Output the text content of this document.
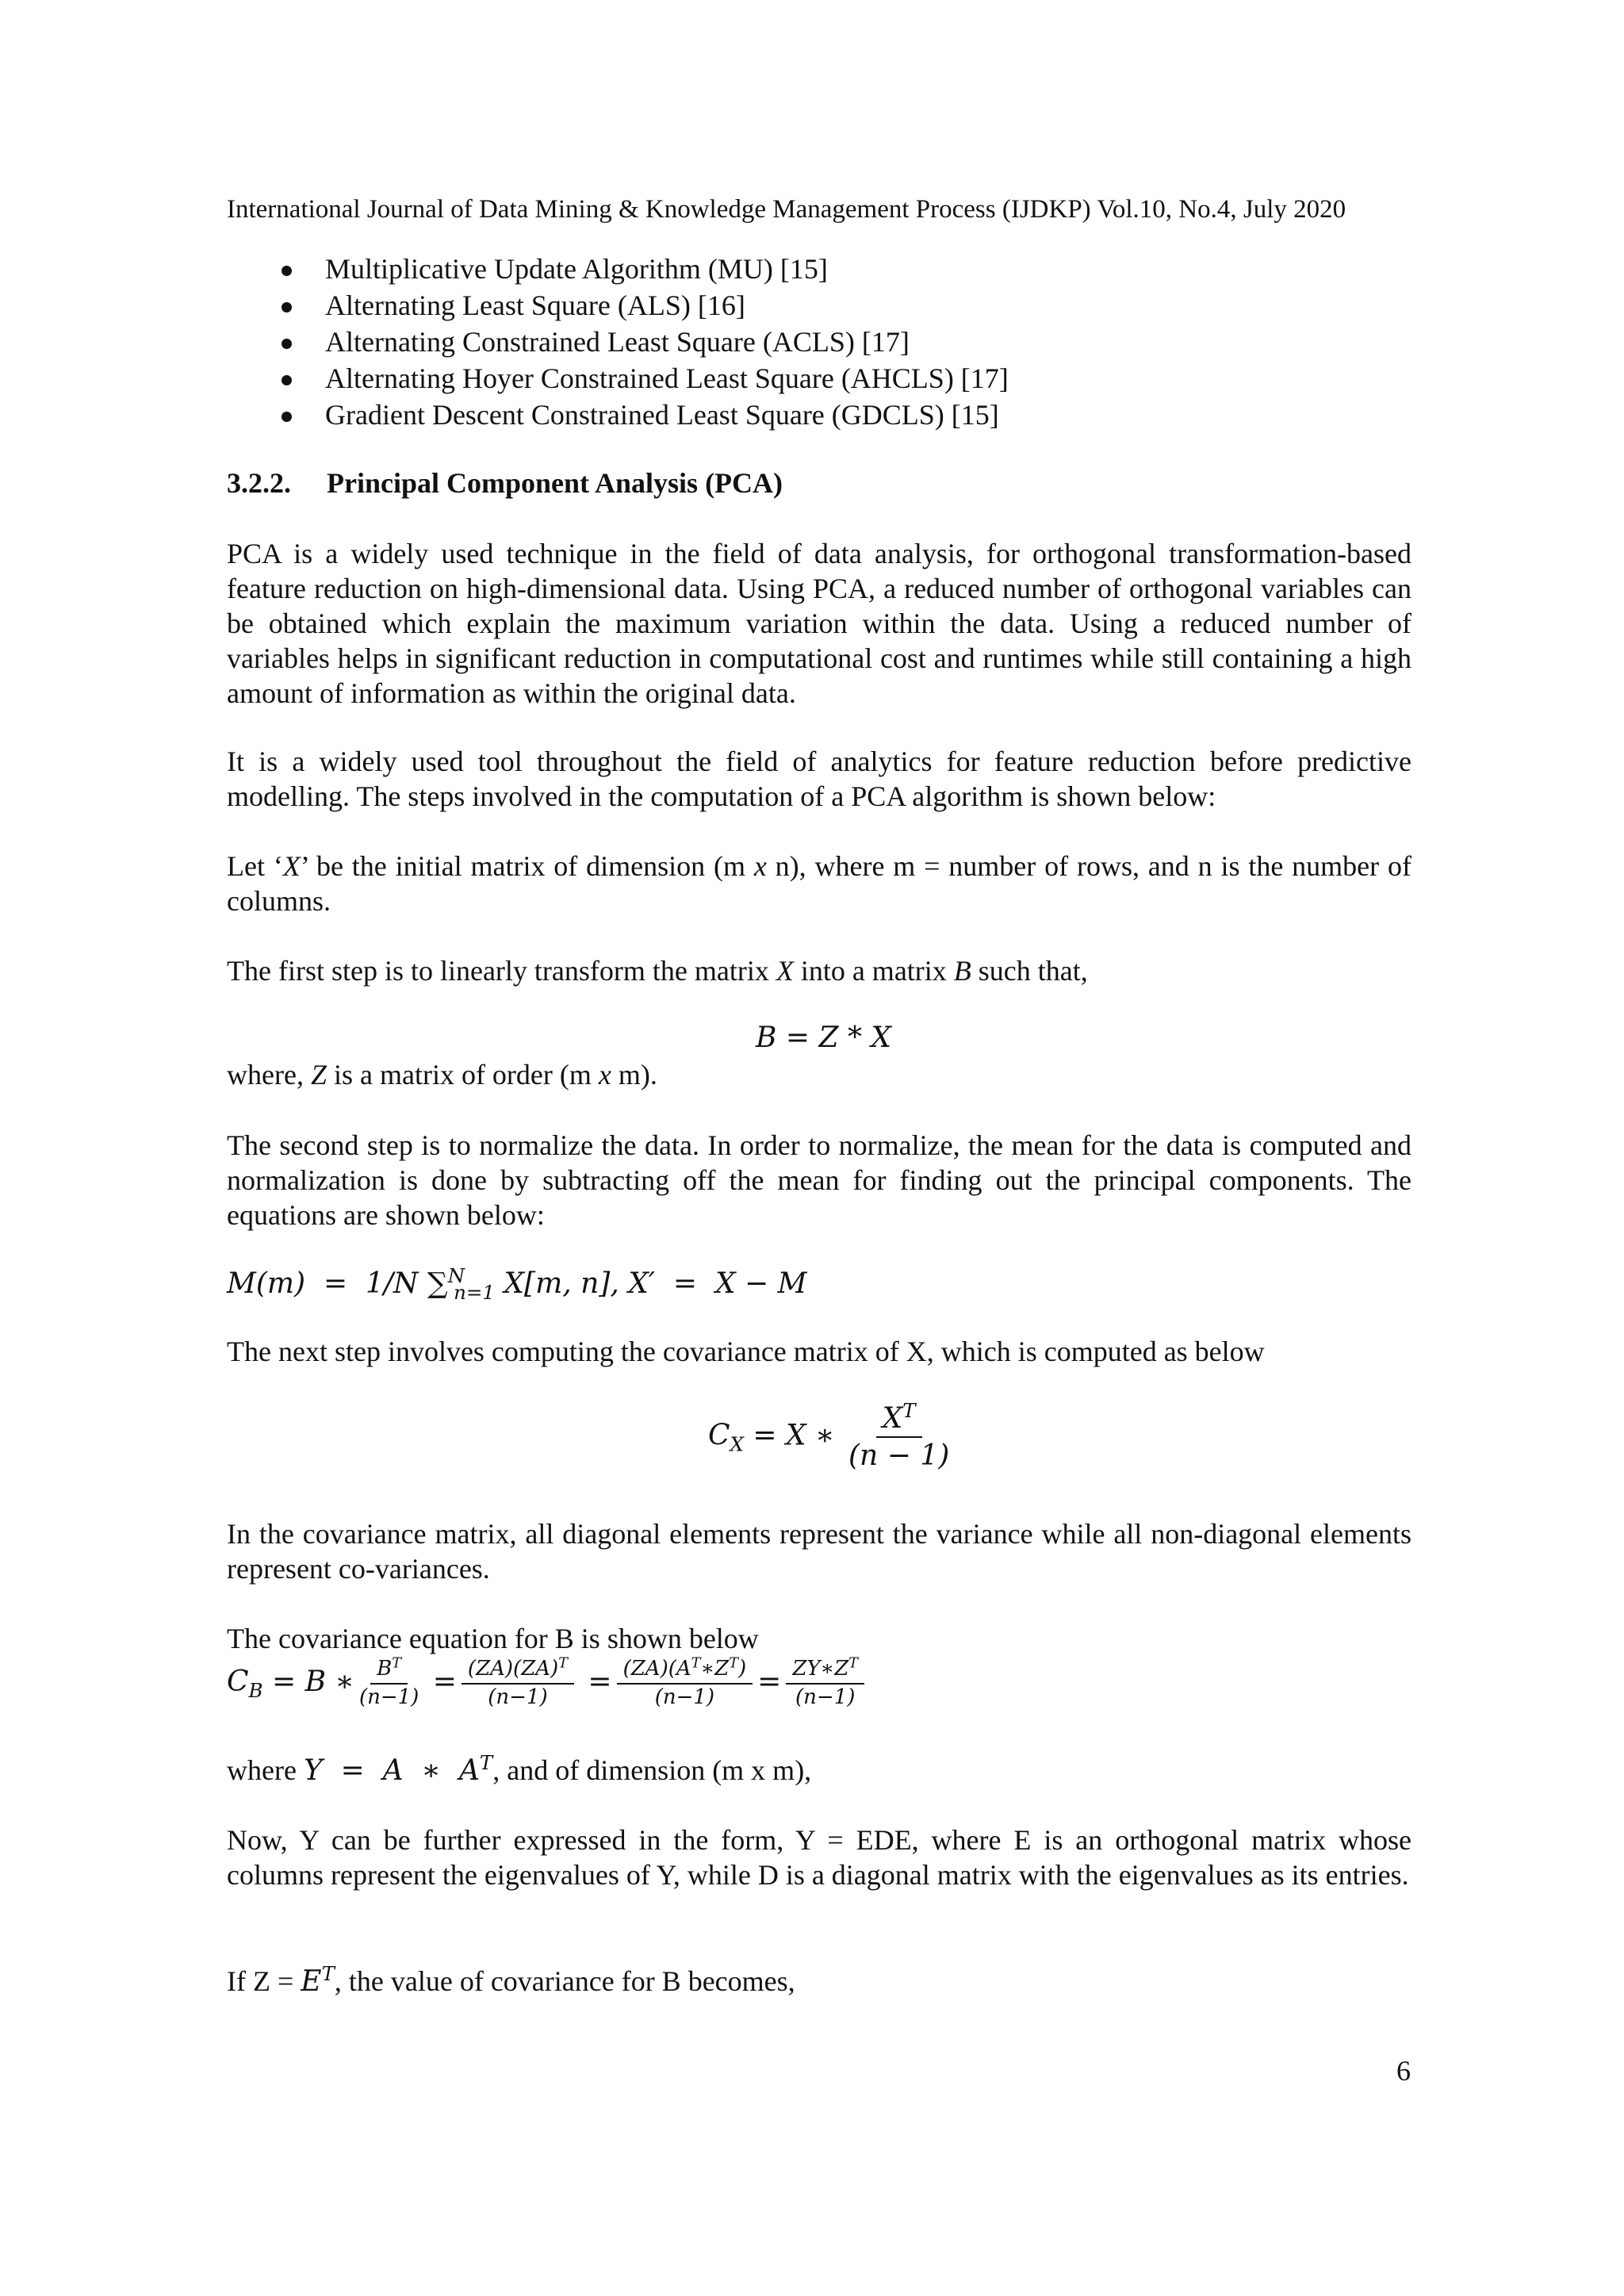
International Journal of Data Mining & Knowledge Management Process (IJDKP) Vol.10, No.4, July 2020
Multiplicative Update Algorithm (MU) [15]
Alternating Least Square (ALS) [16]
Alternating Constrained Least Square (ACLS) [17]
Alternating Hoyer Constrained Least Square (AHCLS) [17]
Gradient Descent Constrained Least Square (GDCLS) [15]
3.2.2. Principal Component Analysis (PCA)

PCA is a widely used technique in the field of data analysis, for orthogonal transformation-based feature reduction on high-dimensional data. Using PCA, a reduced number of orthogonal variables can be obtained which explain the maximum variation within the data. Using a reduced number of variables helps in significant reduction in computational cost and runtimes while still containing a high amount of information as within the original data.

It is a widely used tool throughout the field of analytics for feature reduction before predictive modelling. The steps involved in the computation of a PCA algorithm is shown below:

Let ‘X’ be the initial matrix of dimension (m x n), where m = number of rows, and n is the number of columns.

The first step is to linearly transform the matrix X into a matrix B such that,

B = Z * X

where, Z is a matrix of order (m x m).

The second step is to normalize the data. In order to normalize, the mean for the data is computed and normalization is done by subtracting off the mean for finding out the principal components. The equations are shown below:

M(m)  =  1/N ∑$^N_{n=1}$ X[m, n], X′  =  X − M

The next step involves computing the covariance matrix of X, which is computed as below

$C_X = X$ ∗ $\frac{X^T}{(n - 1)}$

In the covariance matrix, all diagonal elements represent the variance while all non-diagonal elements represent co-variances.

The covariance equation for B is shown below

$C_B = B$ ∗ $\frac{B^T}{(n-1)} = \frac{(ZA)(ZA)^T}{(n-1)} = \frac{(ZA)(A^T∗Z^T)}{(n-1)} = \frac{ZY∗Z^T}{(n-1)}$

where Y  =  A  ∗  $A^T$, and of dimension (m x m),

Now, Y can be further expressed in the form, Y = EDE, where E is an orthogonal matrix whose columns represent the eigenvalues of Y, while D is a diagonal matrix with the eigenvalues as its entries.

If $Z = E^T$, the value of covariance for B becomes,

6
